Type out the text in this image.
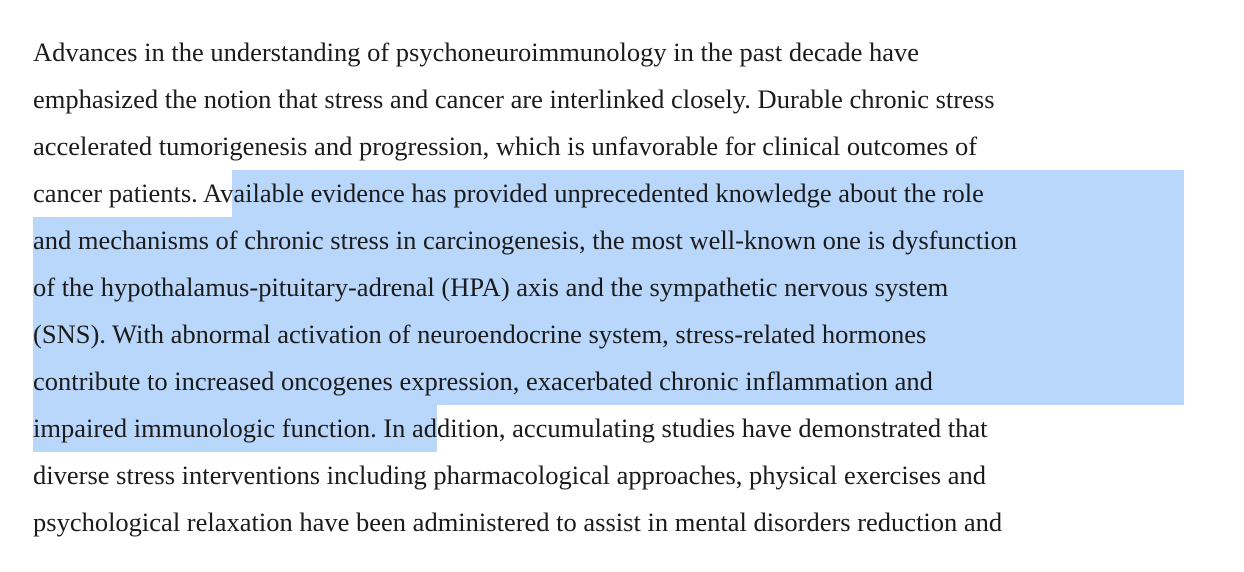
Advances in the understanding of psychoneuroimmunology in the past decade have
emphasized the notion that stress and cancer are interlinked closely. Durable chronic stress
accelerated tumorigenesis and progression, which is unfavorable for clinical outcomes of
cancer patients. Available evidence has provided unprecedented knowledge about the role
and mechanisms of chronic stress in carcinogenesis, the most well-known one is dysfunction
of the hypothalamus-pituitary-adrenal (HPA) axis and the sympathetic nervous system
(SNS). With abnormal activation of neuroendocrine system, stress-related hormones
contribute to increased oncogenes expression, exacerbated chronic inflammation and
impaired immunologic function. In addition, accumulating studies have demonstrated that
diverse stress interventions including pharmacological approaches, physical exercises and
psychological relaxation have been administered to assist in mental disorders reduction and
